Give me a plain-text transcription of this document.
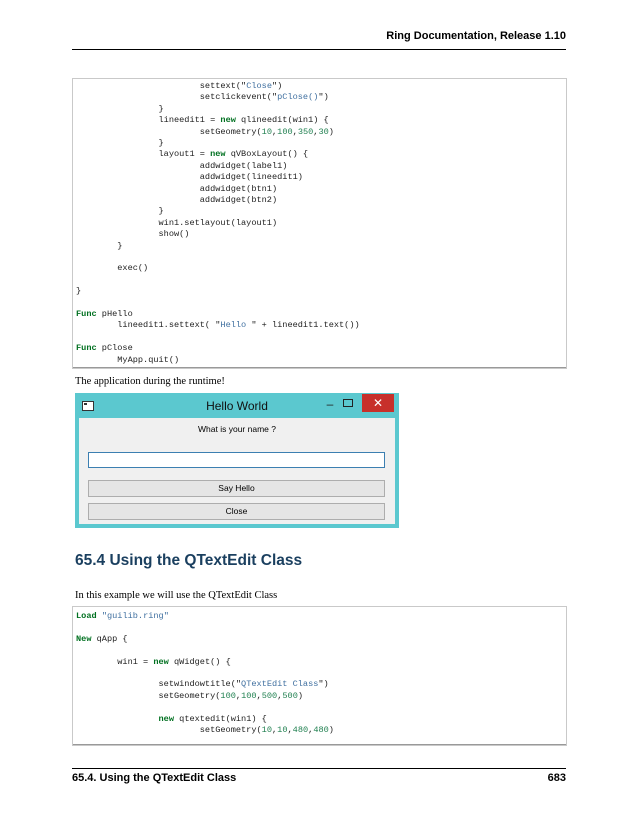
Ring Documentation, Release 1.10
settext("Close")
setclickevent("pClose()")
}
lineedit1 = new qlineedit(win1) {
setGeometry(10,100,350,30)
}
layout1 = new qVBoxLayout() {
addwidget(label1)
addwidget(lineedit1)
addwidget(btn1)
addwidget(btn2)
}
win1.setlayout(layout1)
show()
}
exec()
}
Func pHello
lineedit1.settext( "Hello " + lineedit1.text())
Func pClose
MyApp.quit()
The application during the runtime!
Hello World	–	✕
What is your name ?
Say Hello
Close
65.4 Using the QTextEdit Class
In this example we will use the QTextEdit Class
Load "guilib.ring"
New qApp {
win1 = new qWidget() {
setwindowtitle("QTextEdit Class")
setGeometry(100,100,500,500)
new qtextedit(win1) {
setGeometry(10,10,480,480)
65.4. Using the QTextEdit Class	683
